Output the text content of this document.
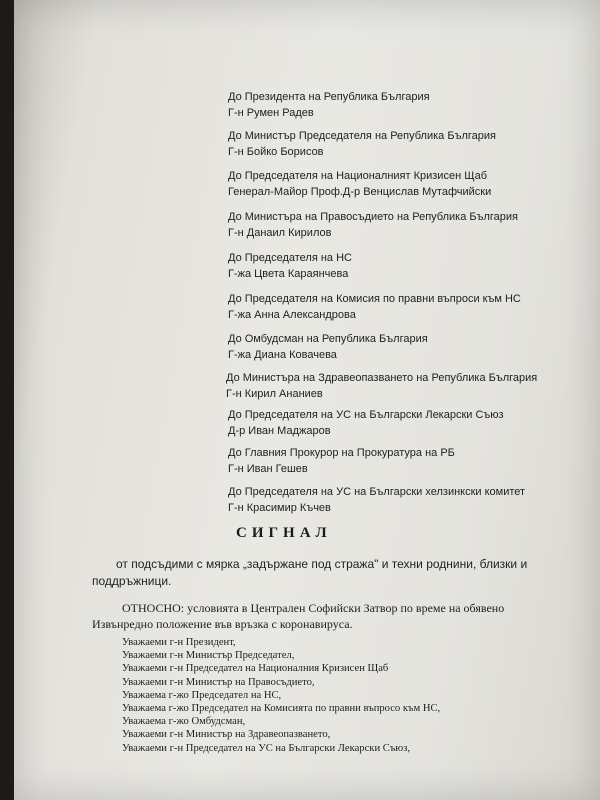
До Президента на Република България
Г-н Румен Радев
До Министър Председателя на Република България
Г-н Бойко Борисов
До Председателя на Националният Кризисен Щаб
Генерал-Майор Проф.Д-р Венцислав Мутафчийски
До Министъра на Правосъдието на Република България
Г-н Данаил Кирилов
До Председателя на НС
Г-жа Цвета Караянчева
До Председателя на Комисия по правни въпроси към НС
Г-жа Анна Александрова
До Омбудсман на Република България
Г-жа Диана Ковачева
До Министъра на Здравеопазването на Република България
Г-н Кирил Ананиев
До Председателя на УС на Български Лекарски Съюз
Д-р Иван Маджаров
До Главния Прокурор на Прокуратура на РБ
Г-н Иван Гешев
До Председателя на УС на Български хелзинкски комитет
Г-н Красимир Къчев
СИГНАЛ
от подсъдими с мярка „задържане под стража" и техни роднини, близки и
поддръжници.
ОТНОСНО: условията в Централен Софийски Затвор по време на обявено
Извънредно положение във връзка с коронавируса.
Уважаеми г-н Президент,
Уважаеми г-н Министър Председател,
Уважаеми г-н Председател на Националния Кризисен Щаб
Уважаеми г-н Министър на Правосъдието,
Уважаема г-жо Председател на НС,
Уважаема г-жо Председател на Комисията по правни въпросо към НС,
Уважаема г-жо Омбудсман,
Уважаеми г-н Министър на Здравеопазването,
Уважаеми г-н Председател на УС на Български Лекарски Съюз,
